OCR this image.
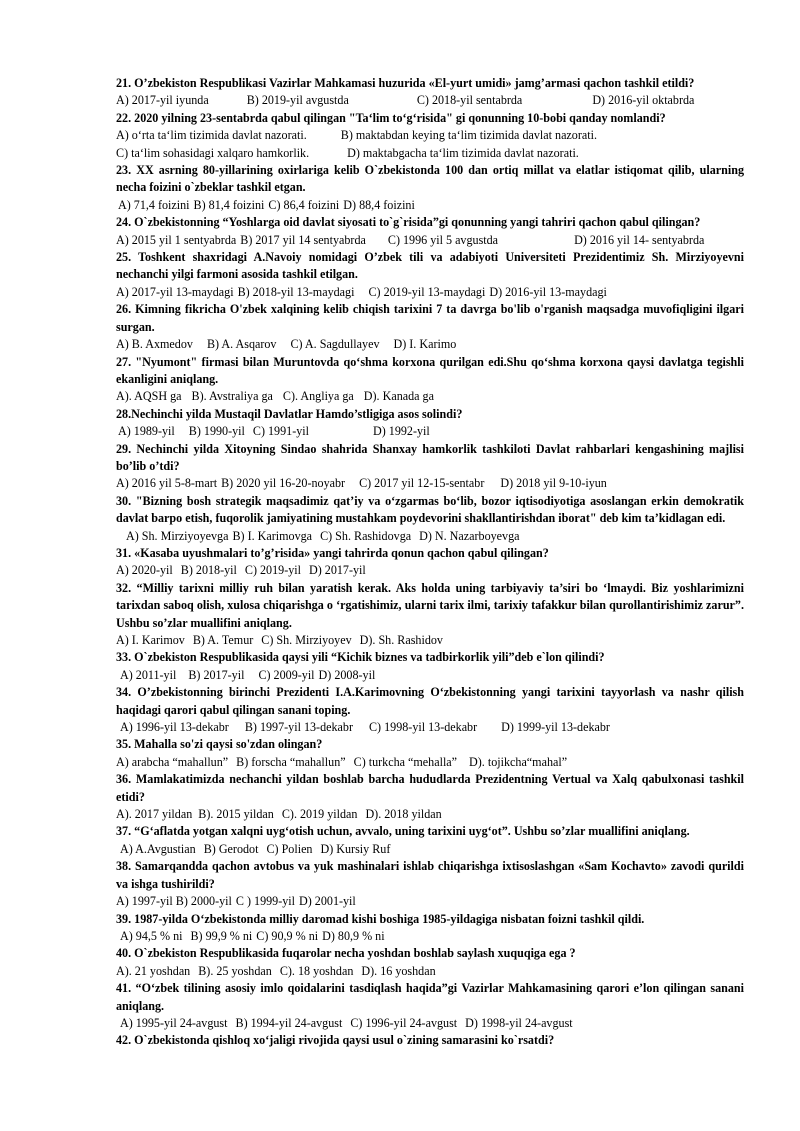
21. O’zbekiston Respublikasi Vazirlar Mahkamasi huzurida «El-yurt umidi» jamg’armasi qachon tashkil etildi?
A) 2017-yil iyunda	B) 2019-yil avgustda	C) 2018-yil sentabrda	D) 2016-yil oktabrda
22. 2020 yilning 23-sentabrda qabul qilingan "Taʻlim toʻgʻrisida" gi qonunning 10-bobi qanday nomlandi?
A) oʻrta taʻlim tizimida davlat nazorati.	B) maktabdan keying taʻlim tizimida davlat nazorati.
C) taʻlim sohasidagi xalqaro hamkorlik.	D) maktabgacha taʻlim tizimida davlat nazorati.
23. XX asrning 80-yillarining oxirlariga kelib O`zbekistonda 100 dan ortiq millat va elatlar istiqomat qilib, ularning necha foizini o`zbeklar tashkil etgan.
A) 71,4 foizini B) 81,4 foizini C) 86,4 foizini D) 88,4 foizini
24. O`zbekistonning “Yoshlarga oid davlat siyosati to`g`risida”gi qonunning yangi tahriri qachon qabul qilingan?
A) 2015 yil 1 sentyabrda B) 2017 yil 14 sentyabrda C) 1996 yil 5 avgustda	D) 2016 yil 14- sentyabrda
25. Toshkent shaxridagi A.Navoiy nomidagi O’zbek tili va adabiyoti Universiteti Prezidentimiz Sh. Mirziyoyevni nechanchi yilgi farmoni asosida tashkil etilgan.
A) 2017-yil 13-maydagi B) 2018-yil 13-maydagi C) 2019-yil 13-maydagi D) 2016-yil 13-maydagi
26. Kimning fikricha O'zbek xalqining kelib chiqish tarixini 7 ta davrga bo'lib o'rganish maqsadga muvofiqligini ilgari surgan.
A) B. Axmedov B) A. Asqarov C) A. Sagdullayev D) I. Karimo
27. "Nyumont" firmasi bilan Muruntovda qoʻshma korxona qurilgan edi.Shu qoʻshma korxona qaysi davlatga tegishli ekanligini aniqlang.
A). AQSH ga B). Avstraliya ga C). Angliya ga D). Kanada ga
28.Nechinchi yilda Mustaqil Davlatlar Hamdo’stligiga asos solindi?
A) 1989-yil B) 1990-yil C) 1991-yil	D) 1992-yil
29. Nechinchi yilda Xitoyning Sindao shahrida Shanxay hamkorlik tashkiloti Davlat rahbarlari kengashining majlisi bo’lib o’tdi?
A) 2016 yil 5-8-mart B) 2020 yil 16-20-noyabr C) 2017 yil 12-15-sentabr D) 2018 yil 9-10-iyun
30. "Bizning bosh strategik maqsadimiz qatʼiy va oʻzgarmas boʻlib, bozor iqtisodiyotiga asoslangan erkin demokratik davlat barpo etish, fuqorolik jamiyatining mustahkam poydevorini shakllantirishdan iborat" deb kim taʼkidlagan edi.
A) Sh. Mirziyoyevga B) I. Karimovga C) Sh. Rashidovga D) N. Nazarboyevga
31. «Kasaba uyushmalari to’g’risida» yangi tahrirda qonun qachon qabul qilingan?
A) 2020-yil B) 2018-yil C) 2019-yil D) 2017-yil
32. “Milliy tarixni milliy ruh bilan yaratish kerak. Aks holda uning tarbiyaviy ta’siri bo ‘lmaydi. Biz yoshlarimizni tarixdan saboq olish, xulosa chiqarishga o ‘rgatishimiz, ularni tarix ilmi, tarixiy tafakkur bilan qurollantirishimiz zarur”. Ushbu so’zlar muallifini aniqlang.
A) I. Karimov B) A. Temur C) Sh. Mirziyoyev D). Sh. Rashidov
33. O`zbekiston Respublikasida qaysi yili “Kichik biznes va tadbirkorlik yili”deb e`lon qilindi?
A) 2011-yil B) 2017-yil C) 2009-yil D) 2008-yil
34. O’zbekistonning birinchi Prezidenti I.A.Karimovning Oʻzbekistonning yangi tarixini tayyorlash va nashr qilish haqidagi qarori qabul qilingan sanani toping.
A) 1996-yil 13-dekabr B) 1997-yil 13-dekabr C) 1998-yil 13-dekabr D) 1999-yil 13-dekabr
35. Mahalla so'zi qaysi so'zdan olingan?
A) arabcha “mahallun” B) forscha “mahallun” C) turkcha “mehalla” D). tojikcha“mahal”
36. Mamlakatimizda nechanchi yildan boshlab barcha hududlarda Prezidentning Vertual va Xalq qabulxonasi tashkil etidi?
A). 2017 yildan B). 2015 yildan C). 2019 yildan D). 2018 yildan
37. “Gʻaflatda yotgan xalqni uygʻotish uchun, avvalo, uning tarixini uygʻot”. Ushbu so’zlar muallifini aniqlang.
A) A.Avgustian B) Gerodot C) Polien D) Kursiy Ruf
38. Samarqandda qachon avtobus va yuk mashinalari ishlab chiqarishga ixtisoslashgan «Sam Kochavto» zavodi qurildi va ishga tushirildi?
A) 1997-yil B) 2000-yil C ) 1999-yil D) 2001-yil
39. 1987-yilda Oʻzbekistonda milliy daromad kishi boshiga 1985-yildagiga nisbatan foizni tashkil qildi.
A) 94,5 % ni B) 99,9 % ni C) 90,9 % ni D) 80,9 % ni
40. O`zbekiston Respublikasida fuqarolar necha yoshdan boshlab saylash xuquqiga ega ?
A). 21 yoshdan B). 25 yoshdan C). 18 yoshdan D). 16 yoshdan
41. “O‘zbek tilining asosiy imlo qoidalarini tasdiqlash haqida”gi Vazirlar Mahkamasining qarori e’lon qilingan sanani aniqlang.
A) 1995-yil 24-avgust B) 1994-yil 24-avgust C) 1996-yil 24-avgust D) 1998-yil 24-avgust
42. O`zbekistonda qishloq xoʻjaligi rivojida qaysi usul o`zining samarasini ko`rsatdi?
